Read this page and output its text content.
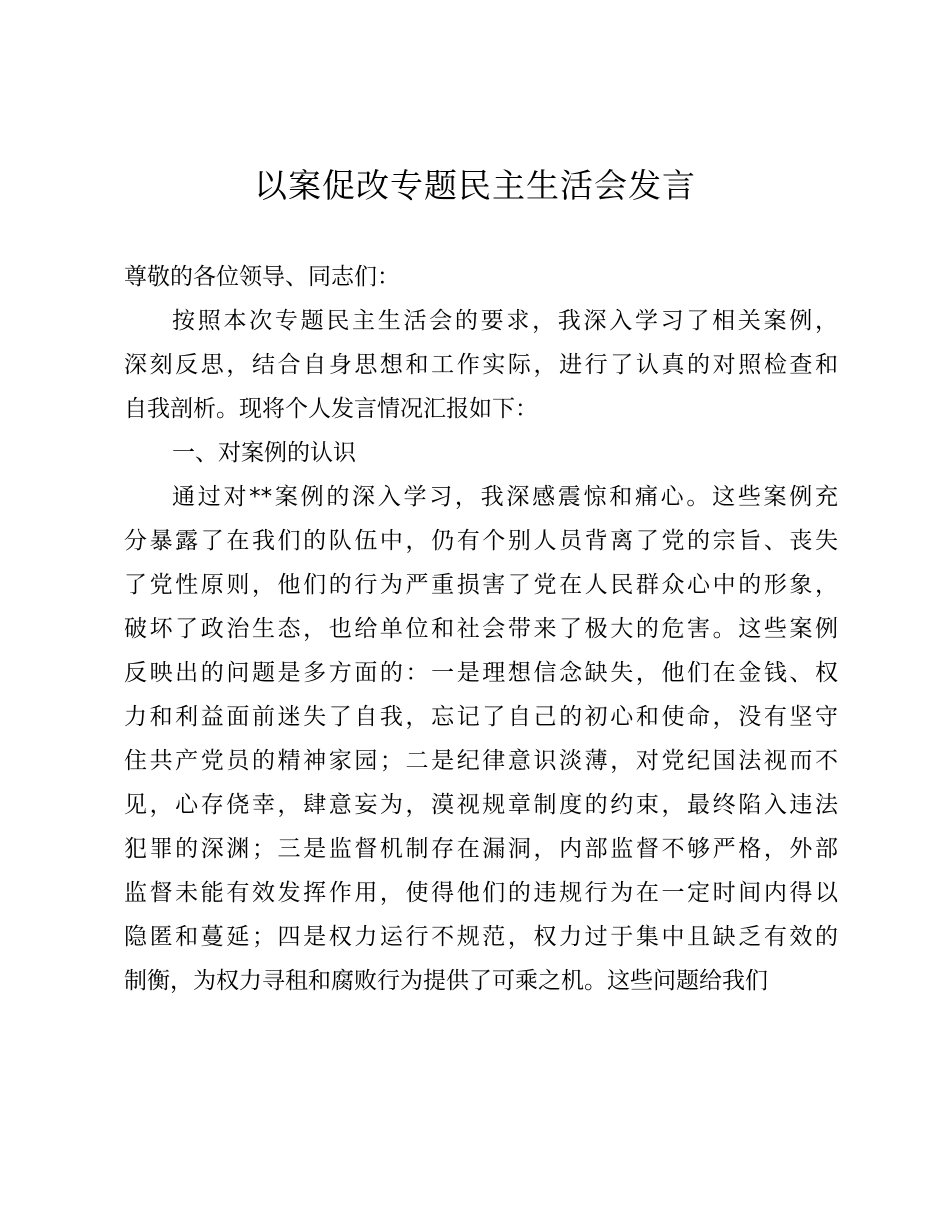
以案促改专题民主生活会发言
尊敬的各位领导、同志们：
按照本次专题民主生活会的要求，我深入学习了相关案例，
深刻反思，结合自身思想和工作实际，进行了认真的对照检查和
自我剖析。现将个人发言情况汇报如下：
一、对案例的认识
通过对**案例的深入学习，我深感震惊和痛心。这些案例充
分暴露了在我们的队伍中，仍有个别人员背离了党的宗旨、丧失
了党性原则，他们的行为严重损害了党在人民群众心中的形象，
破坏了政治生态，也给单位和社会带来了极大的危害。这些案例
反映出的问题是多方面的：一是理想信念缺失，他们在金钱、权
力和利益面前迷失了自我，忘记了自己的初心和使命，没有坚守
住共产党员的精神家园；二是纪律意识淡薄，对党纪国法视而不
见，心存侥幸，肆意妄为，漠视规章制度的约束，最终陷入违法
犯罪的深渊；三是监督机制存在漏洞，内部监督不够严格，外部
监督未能有效发挥作用，使得他们的违规行为在一定时间内得以
隐匿和蔓延；四是权力运行不规范，权力过于集中且缺乏有效的
制衡，为权力寻租和腐败行为提供了可乘之机。这些问题给我们
